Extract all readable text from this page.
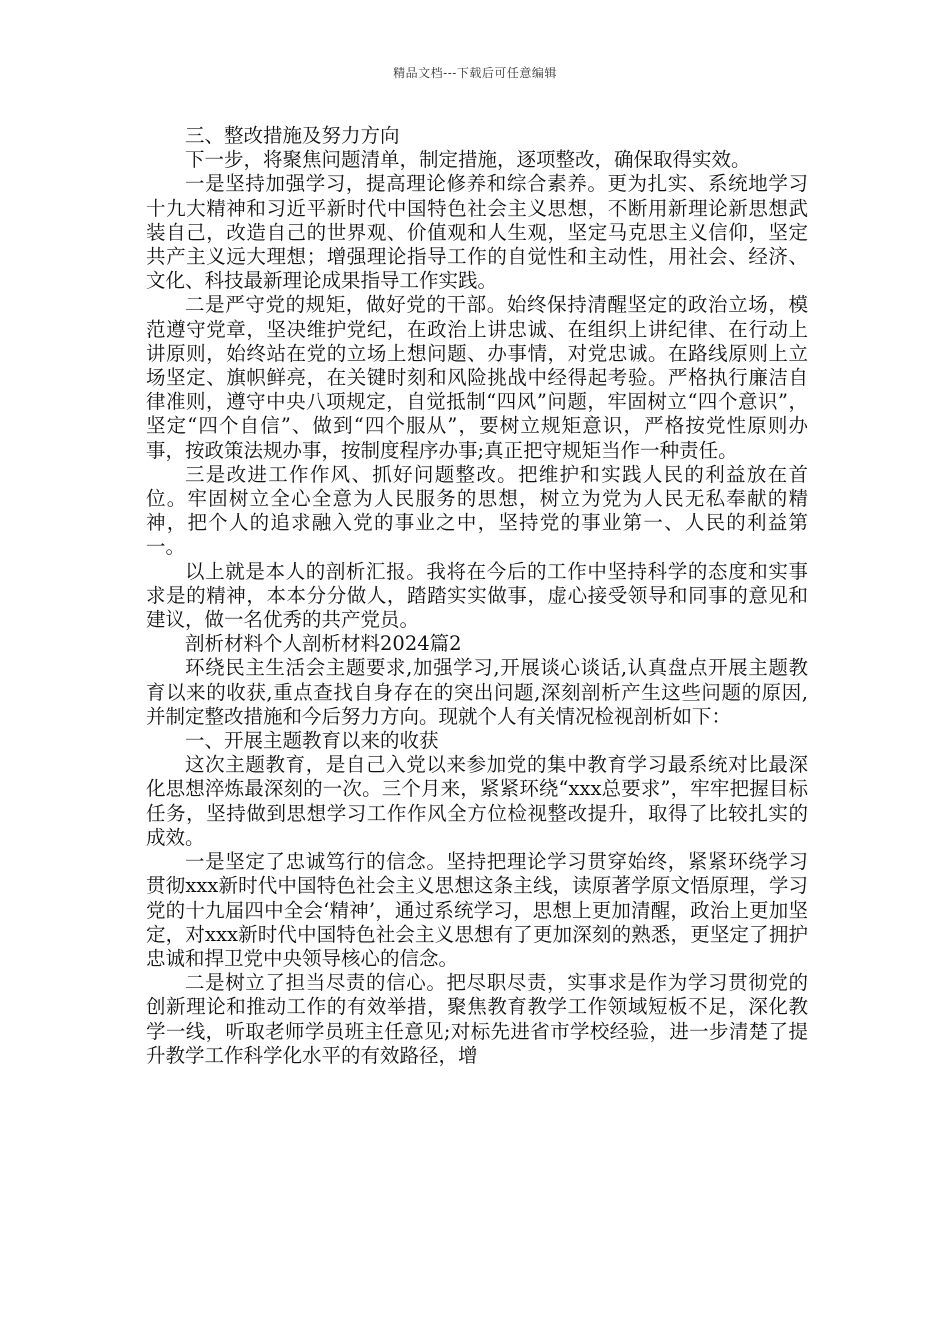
精品文档---下载后可任意编辑

三、整改措施及努力方向

下一步，将聚焦问题清单，制定措施，逐项整改，确保取得实效。

一是坚持加强学习，提高理论修养和综合素养。更为扎实、系统地学习十九大精神和习近平新时代中国特色社会主义思想，不断用新理论新思想武装自己，改造自己的世界观、价值观和人生观，坚定马克思主义信仰，坚定共产主义远大理想；增强理论指导工作的自觉性和主动性，用社会、经济、文化、科技最新理论成果指导工作实践。

二是严守党的规矩，做好党的干部。始终保持清醒坚定的政治立场，模范遵守党章，坚决维护党纪，在政治上讲忠诚、在组织上讲纪律、在行动上讲原则，始终站在党的立场上想问题、办事情，对党忠诚。在路线原则上立场坚定、旗帜鲜亮，在关键时刻和风险挑战中经得起考验。严格执行廉洁自律准则，遵守中央八项规定，自觉抵制“四风”问题，牢固树立“四个意识”，坚定“四个自信”、做到“四个服从”，要树立规矩意识，严格按党性原则办事，按政策法规办事，按制度程序办事;真正把守规矩当作一种责任。

三是改进工作作风、抓好问题整改。把维护和实践人民的利益放在首位。牢固树立全心全意为人民服务的思想，树立为党为人民无私奉献的精神，把个人的追求融入党的事业之中，坚持党的事业第一、人民的利益第一。

以上就是本人的剖析汇报。我将在今后的工作中坚持科学的态度和实事求是的精神，本本分分做人，踏踏实实做事，虚心接受领导和同事的意见和建议，做一名优秀的共产党员。

剖析材料个人剖析材料2024篇2

环绕民主生活会主题要求,加强学习,开展谈心谈话,认真盘点开展主题教育以来的收获,重点查找自身存在的突出问题,深刻剖析产生这些问题的原因,并制定整改措施和今后努力方向。现就个人有关情况检视剖析如下：

一、开展主题教育以来的收获

这次主题教育，是自己入党以来参加党的集中教育学习最系统对比最深化思想淬炼最深刻的一次。三个月来，紧紧环绕“xxx总要求”，牢牢把握目标任务，坚持做到思想学习工作作风全方位检视整改提升，取得了比较扎实的成效。

一是坚定了忠诚笃行的信念。坚持把理论学习贯穿始终，紧紧环绕学习贯彻xxx新时代中国特色社会主义思想这条主线，读原著学原文悟原理，学习党的十九届四中全会‘精神’，通过系统学习，思想上更加清醒，政治上更加坚定，对xxx新时代中国特色社会主义思想有了更加深刻的熟悉，更坚定了拥护忠诚和捍卫党中央领导核心的信念。

二是树立了担当尽责的信心。把尽职尽责，实事求是作为学习贯彻党的创新理论和推动工作的有效举措，聚焦教育教学工作领域短板不足，深化教学一线，听取老师学员班主任意见;对标先进省市学校经验，进一步清楚了提升教学工作科学化水平的有效路径，增
